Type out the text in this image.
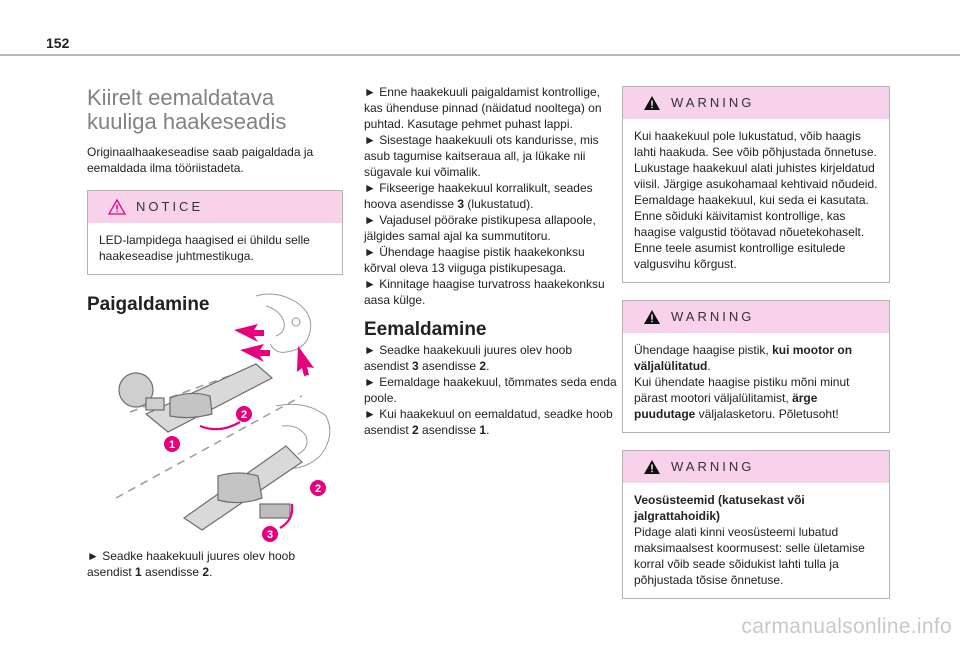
152
Kiirelt eemaldatava
kuuliga haakeseadis

Originaalhaakeseadise saab paigaldada ja eemaldada ilma tööriistadeta.

NOTICE
LED-lampidega haagised ei ühildu selle haakeseadise juhtmestikuga.
Paigaldamine
1
2
2
3
► Seadke haakekuuli juures olev hoob asendist 1 asendisse 2.
► Enne haakekuuli paigaldamist kontrollige, kas ühenduse pinnad (näidatud nooltega) on puhtad. Kasutage pehmet puhast lappi.
► Sisestage haakekuuli ots kandurisse, mis asub tagumise kaitseraua all, ja lükake nii sügavale kui võimalik.
► Fikseerige haakekuul korralikult, seades hoova asendisse 3 (lukustatud).
► Vajadusel pöörake pistikupesa allapoole, jälgides samal ajal ka summutitoru.
► Ühendage haagise pistik haakekonksu kõrval oleva 13 viiguga pistikupesaga.
► Kinnitage haagise turvatross haakekonksu aasa külge.
Eemaldamine
► Seadke haakekuuli juures olev hoob asendist 3 asendisse 2.
► Eemaldage haakekuul, tõmmates seda enda poole.
► Kui haakekuul on eemaldatud, seadke hoob asendist 2 asendisse 1.
WARNING
Kui haakekuul pole lukustatud, võib haagis lahti haakuda. See võib põhjustada õnnetuse. Lukustage haakekuul alati juhistes kirjeldatud viisil. Järgige asukohamaal kehtivaid nõudeid. Eemaldage haakekuul, kui seda ei kasutata. Enne sõiduki käivitamist kontrollige, kas haagise valgustid töötavad nõuetekohaselt. Enne teele asumist kontrollige esitulede valgusvihu kõrgust.
WARNING
Ühendage haagise pistik, kui mootor on väljalülitatud.
Kui ühendate haagise pistiku mõni minut pärast mootori väljalülitamist, ärge puudutage väljalasketoru. Põletusoht!
WARNING
Veosüsteemid (katusekast või jalgrattahoidik)
Pidage alati kinni veosüsteemi lubatud maksimaalsest koormusest: selle ületamise korral võib seade sõidukist lahti tulla ja põhjustada tõsise õnnetuse.
carmanualsonline.info
